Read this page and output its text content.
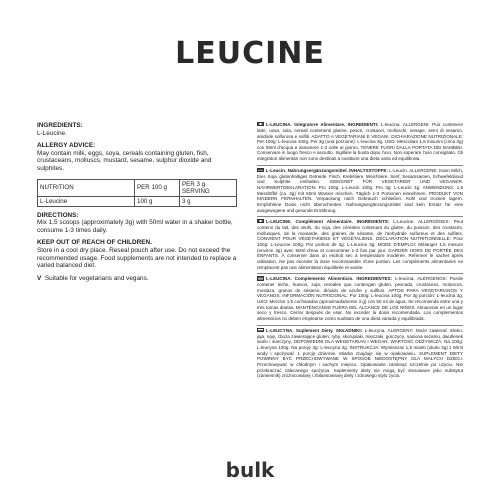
LEUCINE

INGREDIENTS:

L-Leucine.

ALLERGY ADVICE:

May contain milk, eggs, soya, cereals containing gluten, fish, crustaceans, molluscs, mustard, sesame, sulphur dioxide and sulphites.

NUTRITION	PER 100 g	PER 3 g SERVING
L-Leucine	100 g	3 g

DIRECTIONS:

Mix 1.5 scoops (approximately 3g) with 50ml water in a shaker bottle, consume 1-3 times daily.

KEEP OUT OF REACH OF CHILDREN.

Store in a cool dry place. Reseal pouch after use. Do not exceed the recommended usage. Food supplements are not intended to replace a varied balanced diet.

V Suitable for vegetarians and vegans.

L-LEUCINA. Integratore Alimentare. INGREDIENTI: L-leucina. ALLERGENI: Può contenere latte, uova, soia, cereali contenenti glutine, pesce, crostacei, molluschi, senape, semi di sesamo, anidride solforosa e solfiti. ADATTO A VEGETARIANI E VEGANI. DICHIARAZIONE NUTRIZIONALE: Per 100g: L-leucina 100g. Per 3g (una porzione): L-leucina 3g. USO: Mescolare 1,5 misurini (circa 3g) con 50ml d'acqua e assumere 1-3 volte al giorno. TENERE FUORI DALLA PORTATA DEI BAMBINI. Conservare in luogo fresco e asciutto. Sigillare la busta dopo l'uso. Non superare l'uso consigliato. Gli integratori alimentari non sono destinati a sostituire una dieta varia ed equilibrata.
L-Leucin. Nahrungsergänzungsmittel. INHALTSSTOFFE: L-Leucin. ALLERGENE: Kann Milch, Eier, Soja, glutenhaltiges Getreide, Fisch, Krebstiere, Weichtiere, Senf, Sesamsamen, Schwefeldioxid und Sulphite enthalten. GEEIGNET FÜR VEGETARIER UND VEGANER. NÄHRWERTDEKLARATION: Pro 100g: L-Leucin 100g. Pro 3g: L-Leucin 3g. ANWENDUNG: 1,5 Messlöffel (ca. 3g) mit 50ml Wasser mischen. Täglich 1-3 Portionen einnehmen. PRODUKT VON KINDERN FERNHALTEN. Verpackung nach Gebrauch schließen. Kühl und trocken lagern. Empfohlene Dosis nicht überschreiten. Nahrungsergänzungsmittel sind kein Ersatz für eine ausgewogene und gesunde Ernährung.
L-LEUCINE. Complément Alimentaire. INGRÉDIENTS: L-Leucine. ALLERGÈNES: Peut contenir du lait, des œufs, du soja, des céréales contenant du gluten, du poisson, des crustacés, mollusques, de la moutarde, des graines de sésame, de l'anhydride sulfureux et des sulfites. CONVIENT POUR VÉGÉTARIENS ET VÉGÉTALIENS. DÉCLARATION NUTRITIONNELLE: Pour 100g: L-Leucine 100g. Par portion de 3g: L-Leucine 3g. MODE D'EMPLOI: Mélanger 1,5 mesure (environ 3g) avec 50ml d'eau et consommer 1-3 fois par jour. GARDER HORS DE PORTÉE DES ENFANTS. À conserver dans un endroit sec à température modérée. Refermer le sachet après utilisation. Ne pas excéder la dose recommandée d'une portion. Les compléments alimentaires ne remplacent pas une alimentation équilibrée et variée.
L-LEUCINA. Complemento Alimenticio. INGREDIENTES: L-leucina. ALÉRGENOS: Puede contener leche, huevos, soja, cereales que contengan gluten, pescado, crustáceos, moluscos, mostaza, granos de sésamo, dióxido de azufre y sulfitos. APTOS PARA VEGETARIANOS Y VEGANOS. INFORMACIÓN NUTRICIONAL: Por 100g: L-leucina 100g. Por 3g porción: L-leucina 3g. USO: Mezclar 1,5 cucharadas (aproximadamente 3 g) con 50 ml de agua. Se recomienda entre una y tres tomas diarias. MANTÉNGANSE FUERA DEL ALCANCE DE LOS NIÑOS. Almacenar en un lugar seco y fresco. Cerrar después de usar. No exceder la dosis recomendada. Los complementos alimenticios no deben emplearse como sustituto de una dieta variada y equilibrada.
L-LEUCYNA. Suplement Diety. SKŁADNIKI: L-leucyna. ALERGENY: Może zawierać mleko, jaja, soję, zboża zawierające gluten, ryby, skorupiaki, mięczaki, gorczycę, nasiona sezamu, dwutlenek siarki i siarczyny. ODPOWIEDNI DLA WEGETARIAN I WEGAN. WARTOŚĆ ODŻYWCZA: Na 100g: L-leucyna 100g. Na porcję 3g: L-leucyna 3g. INSTRUKCJA: Wymieszać 1,5 miarki (około 3g) z 50ml wody i spożywać 1 porcję dziennie. Miarka znajduje się w opakowaniu. SUPLEMENT DIETY POWINNY BYĆ PRZECHOWYWANE W SPOSÓB NIEDOSTĘPNY DLA MAŁYCH DZIECI. Przechowywać w chłodnym i suchym miejscu. Opakowanie zamknąć szczelnie po użyciu. Nie przekraczać zalecanego spożycia. Suplementy diety nie mogą być stosowane jako substytut (zamiennik) zróżnicowanej i zbilansowanej diety i zdrowego stylu życia.
bulk
